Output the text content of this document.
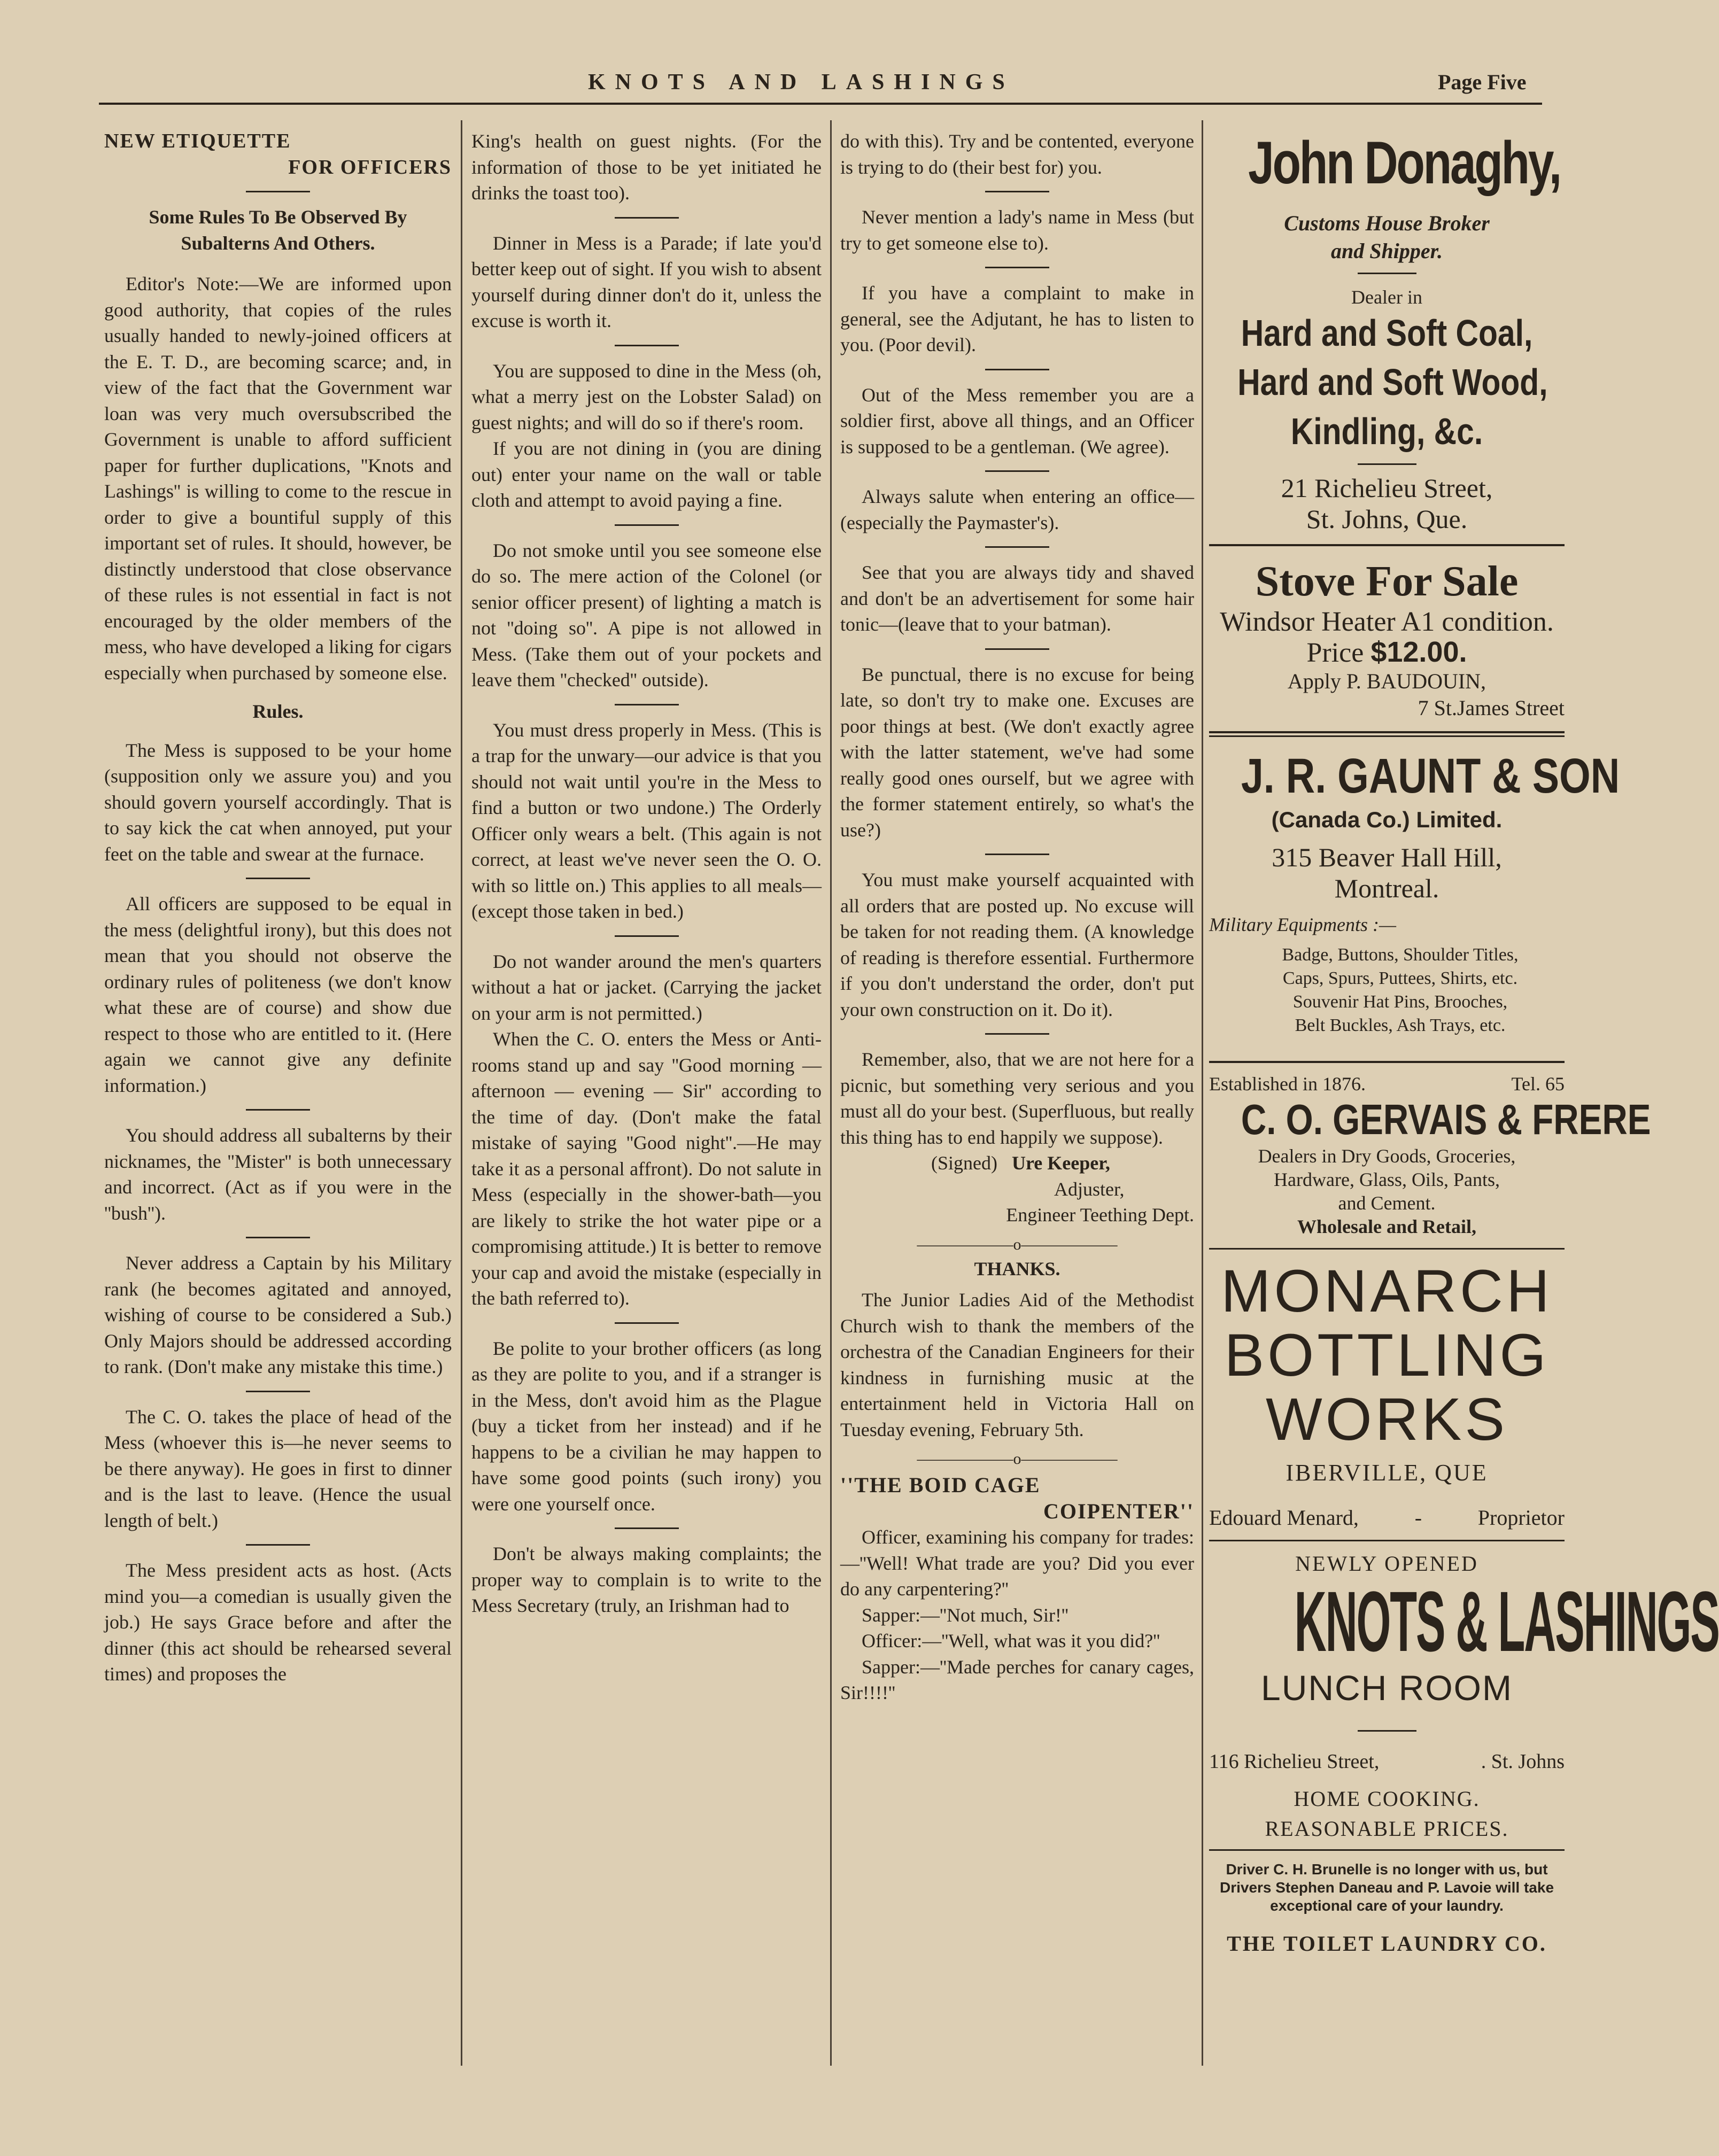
KNOTS AND LASHINGS	Page Five
NEW ETIQUETTE
FOR OFFICERS
Some Rules To Be Observed By Subalterns And Others.

Editor's Note:—We are informed upon good authority, that copies of the rules usually handed to newly-joined officers at the E. T. D., are becoming scarce; and, in view of the fact that the Government war loan was very much oversubscribed the Government is unable to afford sufficient paper for further duplications, ''Knots and Lashings'' is willing to come to the rescue in order to give a bountiful supply of this important set of rules. It should, however, be distinctly understood that close observance of these rules is not essential in fact is not encouraged by the older members of the mess, who have developed a liking for cigars especially when purchased by someone else.

Rules.

The Mess is supposed to be your home (supposition only we assure you) and you should govern yourself accordingly. That is to say kick the cat when annoyed, put your feet on the table and swear at the furnace.

All officers are supposed to be equal in the mess (delightful irony), but this does not mean that you should not observe the ordinary rules of politeness (we don't know what these are of course) and show due respect to those who are entitled to it. (Here again we cannot give any definite information.)

You should address all subalterns by their nicknames, the ''Mister'' is both unnecessary and incorrect. (Act as if you were in the ''bush'').

Never address a Captain by his Military rank (he becomes agitated and annoyed, wishing of course to be considered a Sub.) Only Majors should be addressed according to rank. (Don't make any mistake this time.)

The C. O. takes the place of head of the Mess (whoever this is—he never seems to be there anyway). He goes in first to dinner and is the last to leave. (Hence the usual length of belt.)

The Mess president acts as host. (Acts mind you—a comedian is usually given the job.) He says Grace before and after the dinner (this act should be rehearsed several times) and proposes the

King's health on guest nights. (For the information of those to be yet initiated he drinks the toast too).

Dinner in Mess is a Parade; if late you'd better keep out of sight. If you wish to absent yourself during dinner don't do it, unless the excuse is worth it.

You are supposed to dine in the Mess (oh, what a merry jest on the Lobster Salad) on guest nights; and will do so if there's room.

If you are not dining in (you are dining out) enter your name on the wall or table cloth and attempt to avoid paying a fine.

Do not smoke until you see someone else do so. The mere action of the Colonel (or senior officer present) of lighting a match is not ''doing so''. A pipe is not allowed in Mess. (Take them out of your pockets and leave them ''checked'' outside).

You must dress properly in Mess. (This is a trap for the unwary—our advice is that you should not wait until you're in the Mess to find a button or two undone.) The Orderly Officer only wears a belt. (This again is not correct, at least we've never seen the O. O. with so little on.) This applies to all meals—(except those taken in bed.)

Do not wander around the men's quarters without a hat or jacket. (Carrying the jacket on your arm is not permitted.)

When the C. O. enters the Mess or Anti-rooms stand up and say ''Good morning — afternoon — evening — Sir'' according to the time of day. (Don't make the fatal mistake of saying ''Good night''.—He may take it as a personal affront). Do not salute in Mess (especially in the shower-bath—you are likely to strike the hot water pipe or a compromising attitude.) It is better to remove your cap and avoid the mistake (especially in the bath referred to).

Be polite to your brother officers (as long as they are polite to you, and if a stranger is in the Mess, don't avoid him as the Plague (buy a ticket from her instead) and if he happens to be a civilian he may happen to have some good points (such irony) you were one yourself once.

Don't be always making complaints; the proper way to complain is to write to the Mess Secretary (truly, an Irishman had to

do with this). Try and be contented, everyone is trying to do (their best for) you.

Never mention a lady's name in Mess (but try to get someone else to).

If you have a complaint to make in general, see the Adjutant, he has to listen to you. (Poor devil).

Out of the Mess remember you are a soldier first, above all things, and an Officer is supposed to be a gentleman. (We agree).

Always salute when entering an office—(especially the Paymaster's).

See that you are always tidy and shaved and don't be an advertisement for some hair tonic—(leave that to your batman).

Be punctual, there is no excuse for being late, so don't try to make one. Excuses are poor things at best. (We don't exactly agree with the latter statement, we've had some really good ones ourself, but we agree with the former statement entirely, so what's the use?)

You must make yourself acquainted with all orders that are posted up. No excuse will be taken for not reading them. (A knowledge of reading is therefore essential. Furthermore if you don't understand the order, don't put your own construction on it. Do it).

Remember, also, that we are not here for a picnic, but something very serious and you must all do your best. (Superfluous, but really this thing has to end happily we suppose).

(Signed) Ure Keeper,
Adjuster,
Engineer Teething Dept.
——————o——————
THANKS.

The Junior Ladies Aid of the Methodist Church wish to thank the members of the orchestra of the Canadian Engineers for their kindness in furnishing music at the entertainment held in Victoria Hall on Tuesday evening, February 5th.

——————o——————
''THE BOID CAGE
COIPENTER''

Officer, examining his company for trades:—''Well! What trade are you? Did you ever do any carpentering?''

Sapper:—''Not much, Sir!''

Officer:—''Well, what was it you did?''

Sapper:—''Made perches for canary cages, Sir!!!!''

John Donaghy,
Customs House Broker
and Shipper.
Dealer in
Hard and Soft Coal,
Hard and Soft Wood,
Kindling, &c.
21 Richelieu Street,
St. Johns, Que.
Stove For Sale
Windsor Heater A1 condition. Price $12.00.
Apply P. BAUDOUIN,
7 St.James Street
J. R. GAUNT & SON
(Canada Co.) Limited.
315 Beaver Hall Hill,
Montreal.
Military Equipments :—
Badge, Buttons, Shoulder Titles,
Caps, Spurs, Puttees, Shirts, etc.
Souvenir Hat Pins, Brooches,
Belt Buckles, Ash Trays, etc.
Established in 1876.	Tel. 65
C. O. GERVAIS & FRERE
Dealers in Dry Goods, Groceries,
Hardware, Glass, Oils, Pants,
and Cement.
Wholesale and Retail,
MONARCH
BOTTLING
WORKS
IBERVILLE, QUE
Edouard Menard,	-	Proprietor
NEWLY OPENED
KNOTS & LASHINGS
LUNCH ROOM
116 Richelieu Street,	. St. Johns
HOME COOKING.
REASONABLE PRICES.
Driver C. H. Brunelle is no longer with us, but Drivers Stephen Daneau and P. Lavoie will take exceptional care of your laundry.
THE TOILET LAUNDRY CO.
